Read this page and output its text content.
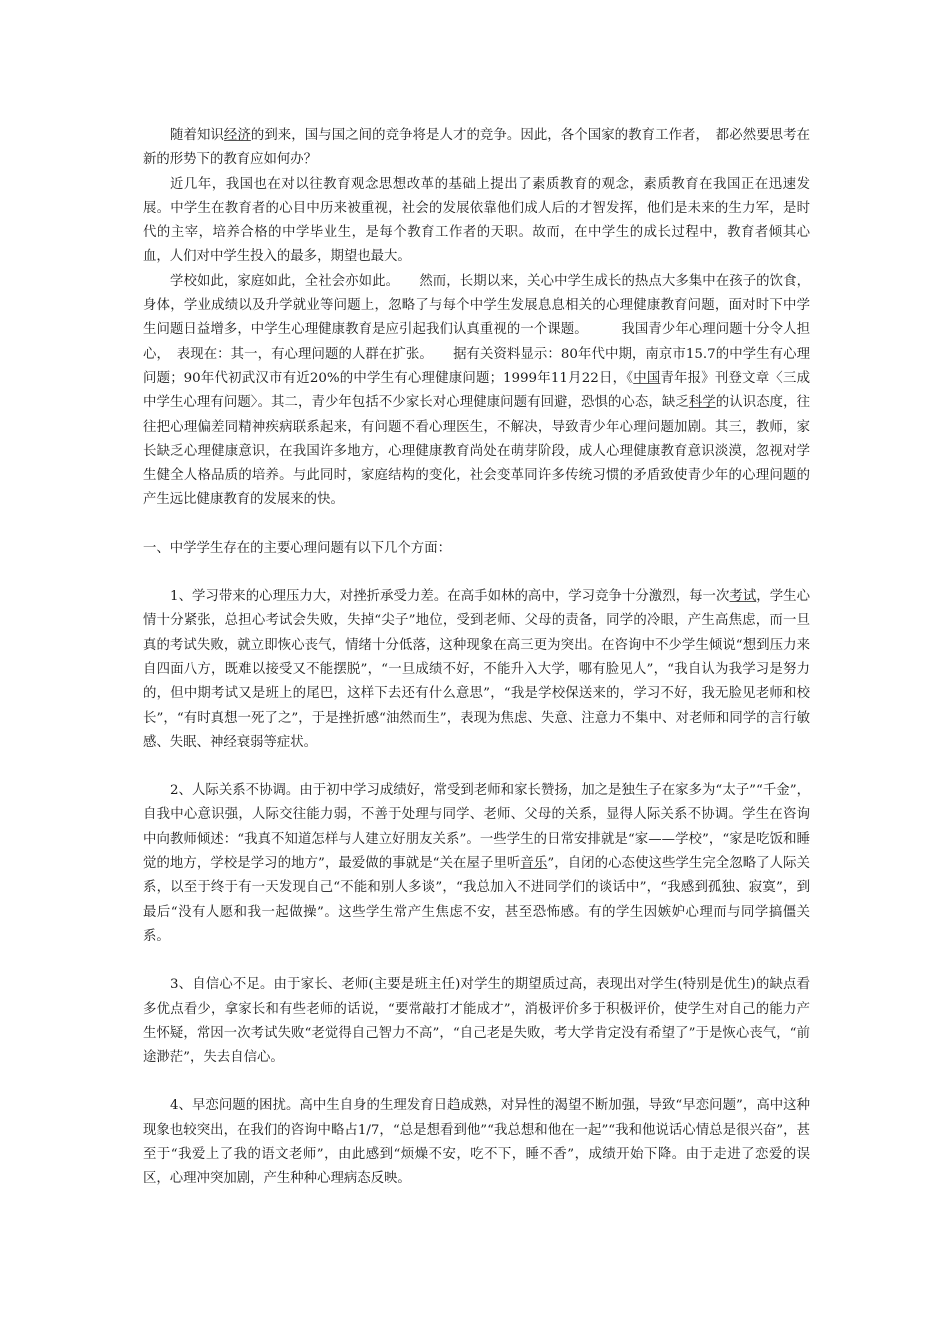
随着知识经济的到来，国与国之间的竞争将是人才的竞争。因此，各个国家的教育工作者，　都必然要思考在新的形势下的教育应如何办？

近几年，我国也在对以往教育观念思想改革的基础上提出了素质教育的观念，素质教育在我国正在迅速发展。中学生在教育者的心目中历来被重视，社会的发展依靠他们成人后的才智发挥，他们是未来的生力军，是时代的主宰，培养合格的中学毕业生，是每个教育工作者的天职。故而，在中学生的成长过程中，教育者倾其心血，人们对中学生投入的最多，期望也最大。

学校如此，家庭如此，全社会亦如此。　　然而，长期以来，关心中学生成长的热点大多集中在孩子的饮食，身体，学业成绩以及升学就业等问题上，忽略了与每个中学生发展息息相关的心理健康教育问题，面对时下中学生问题日益增多，中学生心理健康教育是应引起我们认真重视的一个课题。　　　我国青少年心理问题十分令人担心，　表现在：其一，有心理问题的人群在扩张。　　据有关资料显示：80年代中期，南京市15.7的中学生有心理问题；90年代初武汉市有近20%的中学生有心理健康问题；1999年11月22日，《中国青年报》刊登文章〈三成中学生心理有问题〉。其二，青少年包括不少家长对心理健康问题有回避，恐惧的心态，缺乏科学的认识态度，往往把心理偏差同精神疾病联系起来，有问题不看心理医生，不解决，导致青少年心理问题加剧。其三，教师，家长缺乏心理健康意识，在我国许多地方，心理健康教育尚处在萌芽阶段，成人心理健康教育意识淡漠，忽视对学生健全人格品质的培养。与此同时，家庭结构的变化，社会变革同许多传统习惯的矛盾致使青少年的心理问题的产生远比健康教育的发展来的快。

一、中学学生存在的主要心理问题有以下几个方面：

1、学习带来的心理压力大，对挫折承受力差。在高手如林的高中，学习竞争十分激烈，每一次考试，学生心情十分紧张，总担心考试会失败，失掉“尖子”地位，受到老师、父母的责备，同学的冷眼，产生高焦虑，而一旦真的考试失败，就立即恢心丧气，情绪十分低落，这种现象在高三更为突出。在咨询中不少学生倾说“想到压力来自四面八方，既难以接受又不能摆脱”，“一旦成绩不好，不能升入大学，哪有脸见人”，“我自认为我学习是努力的，但中期考试又是班上的尾巴，这样下去还有什么意思”，“我是学校保送来的，学习不好，我无脸见老师和校长”，“有时真想一死了之”，于是挫折感“油然而生”，表现为焦虑、失意、注意力不集中、对老师和同学的言行敏感、失眠、神经衰弱等症状。

2、人际关系不协调。由于初中学习成绩好，常受到老师和家长赞扬，加之是独生子在家多为“太子”“千金”，自我中心意识强，人际交往能力弱，不善于处理与同学、老师、父母的关系，显得人际关系不协调。学生在咨询中向教师倾述：“我真不知道怎样与人建立好朋友关系”。一些学生的日常安排就是“家——学校”，“家是吃饭和睡觉的地方，学校是学习的地方”，最爱做的事就是“关在屋子里听音乐”，自闭的心态使这些学生完全忽略了人际关系，以至于终于有一天发现自己“不能和别人多谈”，“我总加入不进同学们的谈话中”，“我感到孤独、寂寞”，到最后“没有人愿和我一起做操”。这些学生常产生焦虑不安，甚至恐怖感。有的学生因嫉妒心理而与同学搞僵关系。

3、自信心不足。由于家长、老师(主要是班主任)对学生的期望质过高，表现出对学生(特别是优生)的缺点看多优点看少，拿家长和有些老师的话说，“要常敲打才能成才”，消极评价多于积极评价，使学生对自己的能力产生怀疑，常因一次考试失败“老觉得自己智力不高”，“自己老是失败，考大学肯定没有希望了”于是恢心丧气，“前途渺茫”，失去自信心。

4、早恋问题的困扰。高中生自身的生理发育日趋成熟，对异性的渴望不断加强，导致“早恋问题”，高中这种现象也较突出，在我们的咨询中略占1/7，“总是想看到他”“我总想和他在一起”“我和他说话心情总是很兴奋”，甚至于“我爱上了我的语文老师”，由此感到“烦燥不安，吃不下，睡不香”，成绩开始下降。由于走进了恋爱的误区，心理冲突加剧，产生种种心理病态反映。
